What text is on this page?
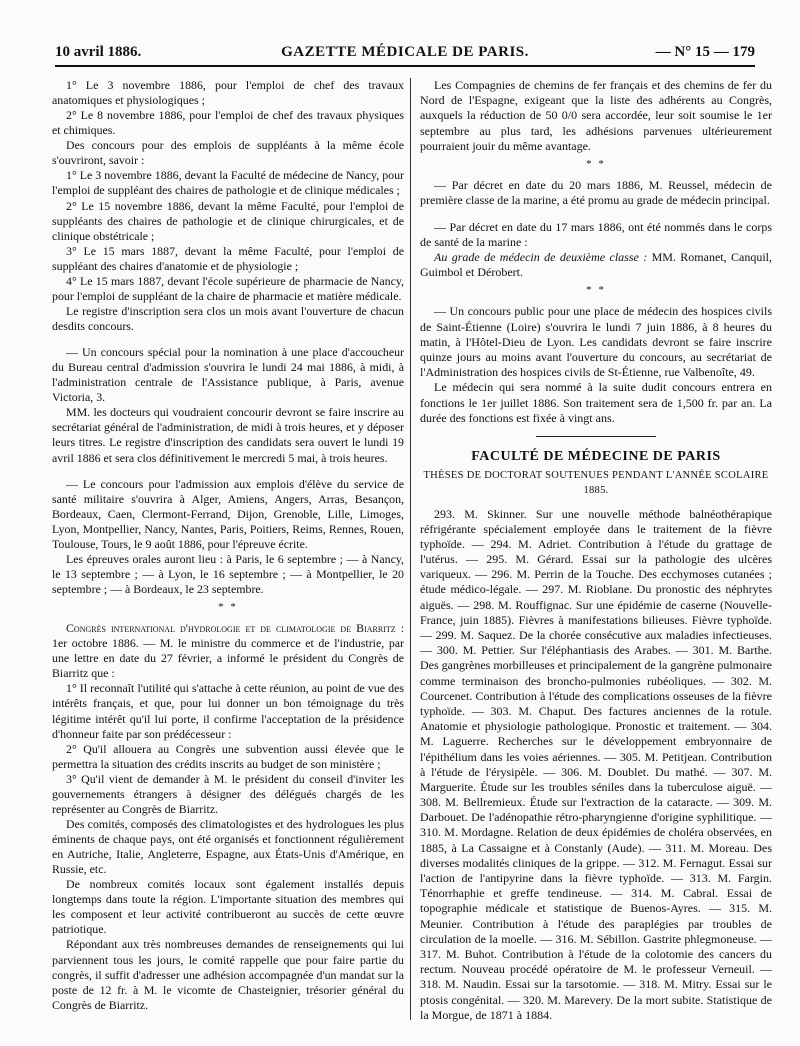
10 avril 1886.	GAZETTE MÉDICALE DE PARIS.	— N° 15 — 179

1° Le 3 novembre 1886, pour l'emploi de chef des travaux anatomiques et physiologiques ;

2° Le 8 novembre 1886, pour l'emploi de chef des travaux physiques et chimiques.

Des concours pour des emplois de suppléants à la même école s'ouvriront, savoir :

1° Le 3 novembre 1886, devant la Faculté de médecine de Nancy, pour l'emploi de suppléant des chaires de pathologie et de clinique médicales ;

2° Le 15 novembre 1886, devant la même Faculté, pour l'emploi de suppléants des chaires de pathologie et de clinique chirurgicales, et de clinique obstétricale ;

3° Le 15 mars 1887, devant la même Faculté, pour l'emploi de suppléant des chaires d'anatomie et de physiologie ;

4° Le 15 mars 1887, devant l'école supérieure de pharmacie de Nancy, pour l'emploi de suppléant de la chaire de pharmacie et matière médicale.

Le registre d'inscription sera clos un mois avant l'ouverture de chacun desdits concours.

— Un concours spécial pour la nomination à une place d'accoucheur du Bureau central d'admission s'ouvrira le lundi 24 mai 1886, à midi, à l'administration centrale de l'Assistance publique, à Paris, avenue Victoria, 3.

MM. les docteurs qui voudraient concourir devront se faire inscrire au secrétariat général de l'administration, de midi à trois heures, et y déposer leurs titres. Le registre d'inscription des candidats sera ouvert le lundi 19 avril 1886 et sera clos définitivement le mercredi 5 mai, à trois heures.

— Le concours pour l'admission aux emplois d'élève du service de santé militaire s'ouvrira à Alger, Amiens, Angers, Arras, Besançon, Bordeaux, Caen, Clermont-Ferrand, Dijon, Grenoble, Lille, Limoges, Lyon, Montpellier, Nancy, Nantes, Paris, Poitiers, Reims, Rennes, Rouen, Toulouse, Tours, le 9 août 1886, pour l'épreuve écrite.

Les épreuves orales auront lieu : à Paris, le 6 septembre ; — à Nancy, le 13 septembre ; — à Lyon, le 16 septembre ; — à Montpellier, le 20 septembre ; — à Bordeaux, le 23 septembre.

* *

Congrès international d'hydrologie et de climatologie de Biarritz : 1er octobre 1886. — M. le ministre du commerce et de l'industrie, par une lettre en date du 27 février, a informé le président du Congrès de Biarritz que :

1° Il reconnaît l'utilité qui s'attache à cette réunion, au point de vue des intérêts français, et que, pour lui donner un bon témoignage du très légitime intérêt qu'il lui porte, il confirme l'acceptation de la présidence d'honneur faite par son prédécesseur :

2° Qu'il allouera au Congrès une subvention aussi élevée que le permettra la situation des crédits inscrits au budget de son ministère ;

3° Qu'il vient de demander à M. le président du conseil d'inviter les gouvernements étrangers à désigner des délégués chargés de les représenter au Congrès de Biarritz.

Des comités, composés des climatologistes et des hydrologues les plus éminents de chaque pays, ont été organisés et fonctionnent régulièrement en Autriche, Italie, Angleterre, Espagne, aux États-Unis d'Amérique, en Russie, etc.

De nombreux comités locaux sont également installés depuis longtemps dans toute la région. L'importante situation des membres qui les composent et leur activité contribueront au succès de cette œuvre patriotique.

Répondant aux très nombreuses demandes de renseignements qui lui parviennent tous les jours, le comité rappelle que pour faire partie du congrès, il suffit d'adresser une adhésion accompagnée d'un mandat sur la poste de 12 fr. à M. le vicomte de Chasteignier, trésorier général du Congrès de Biarritz.

Les Compagnies de chemins de fer français et des chemins de fer du Nord de l'Espagne, exigeant que la liste des adhérents au Congrès, auxquels la réduction de 50 0/0 sera accordée, leur soit soumise le 1er septembre au plus tard, les adhésions parvenues ultérieurement pourraient jouir du même avantage.

* *

— Par décret en date du 20 mars 1886, M. Reussel, médecin de première classe de la marine, a été promu au grade de médecin principal.

— Par décret en date du 17 mars 1886, ont été nommés dans le corps de santé de la marine :

Au grade de médecin de deuxième classe : MM. Romanet, Canquil, Guimbol et Dérobert.

* *

— Un concours public pour une place de médecin des hospices civils de Saint-Étienne (Loire) s'ouvrira le lundi 7 juin 1886, à 8 heures du matin, à l'Hôtel-Dieu de Lyon. Les candidats devront se faire inscrire quinze jours au moins avant l'ouverture du concours, au secrétariat de l'Administration des hospices civils de St-Étienne, rue Valbenoîte, 49.

Le médecin qui sera nommé à la suite dudit concours entrera en fonctions le 1er juillet 1886. Son traitement sera de 1,500 fr. par an. La durée des fonctions est fixée à vingt ans.

FACULTÉ DE MÉDECINE DE PARIS
THÈSES DE DOCTORAT SOUTENUES PENDANT L'ANNÉE SCOLAIRE 1885.

293. M. Skinner. Sur une nouvelle méthode balnéothérapique réfrigérante spécialement employée dans le traitement de la fièvre typhoïde. — 294. M. Adriet. Contribution à l'étude du grattage de l'utérus. — 295. M. Gérard. Essai sur la pathologie des ulcères variqueux. — 296. M. Perrin de la Touche. Des ecchymoses cutanées ; étude médico-légale. — 297. M. Rioblane. Du pronostic des néphrytes aiguës. — 298. M. Rouffignac. Sur une épidémie de caserne (Nouvelle-France, juin 1885). Fièvres à manifestations bilieuses. Fièvre typhoïde. — 299. M. Saquez. De la chorée consécutive aux maladies infectieuses. — 300. M. Pettier. Sur l'éléphantiasis des Arabes. — 301. M. Barthe. Des gangrènes morbilleuses et principalement de la gangrène pulmonaire comme terminaison des broncho-pulmonies rubéoliques. — 302. M. Courcenet. Contribution à l'étude des complications osseuses de la fièvre typhoïde. — 303. M. Chaput. Des factures anciennes de la rotule. Anatomie et physiologie pathologique. Pronostic et traitement. — 304. M. Laguerre. Recherches sur le développement embryonnaire de l'épithélium dans les voies aériennes. — 305. M. Petitjean. Contribution à l'étude de l'érysipèle. — 306. M. Doublet. Du mathé. — 307. M. Marguerite. Étude sur les troubles séniles dans la tuberculose aiguë. — 308. M. Bellremieux. Étude sur l'extraction de la cataracte. — 309. M. Darbouet. De l'adénopathie rétro-pharyngienne d'origine syphilitique. — 310. M. Mordagne. Relation de deux épidémies de choléra observées, en 1885, à La Cassaigne et à Constanly (Aude). — 311. M. Moreau. Des diverses modalités cliniques de la grippe. — 312. M. Fernagut. Essai sur l'action de l'antipyrine dans la fièvre typhoïde. — 313. M. Fargin. Ténorrhaphie et greffe tendineuse. — 314. M. Cabral. Essai de topographie médicale et statistique de Buenos-Ayres. — 315. M. Meunier. Contribution à l'étude des paraplégies par troubles de circulation de la moelle. — 316. M. Sébillon. Gastrite phlegmoneuse. — 317. M. Buhot. Contribution à l'étude de la colotomie des cancers du rectum. Nouveau procédé opératoire de M. le professeur Verneuil. — 318. M. Naudin. Essai sur la tarsotomie. — 318. M. Mitry. Essai sur le ptosis congénital. — 320. M. Marevery. De la mort subite. Statistique de la Morgue, de 1871 à 1884.
